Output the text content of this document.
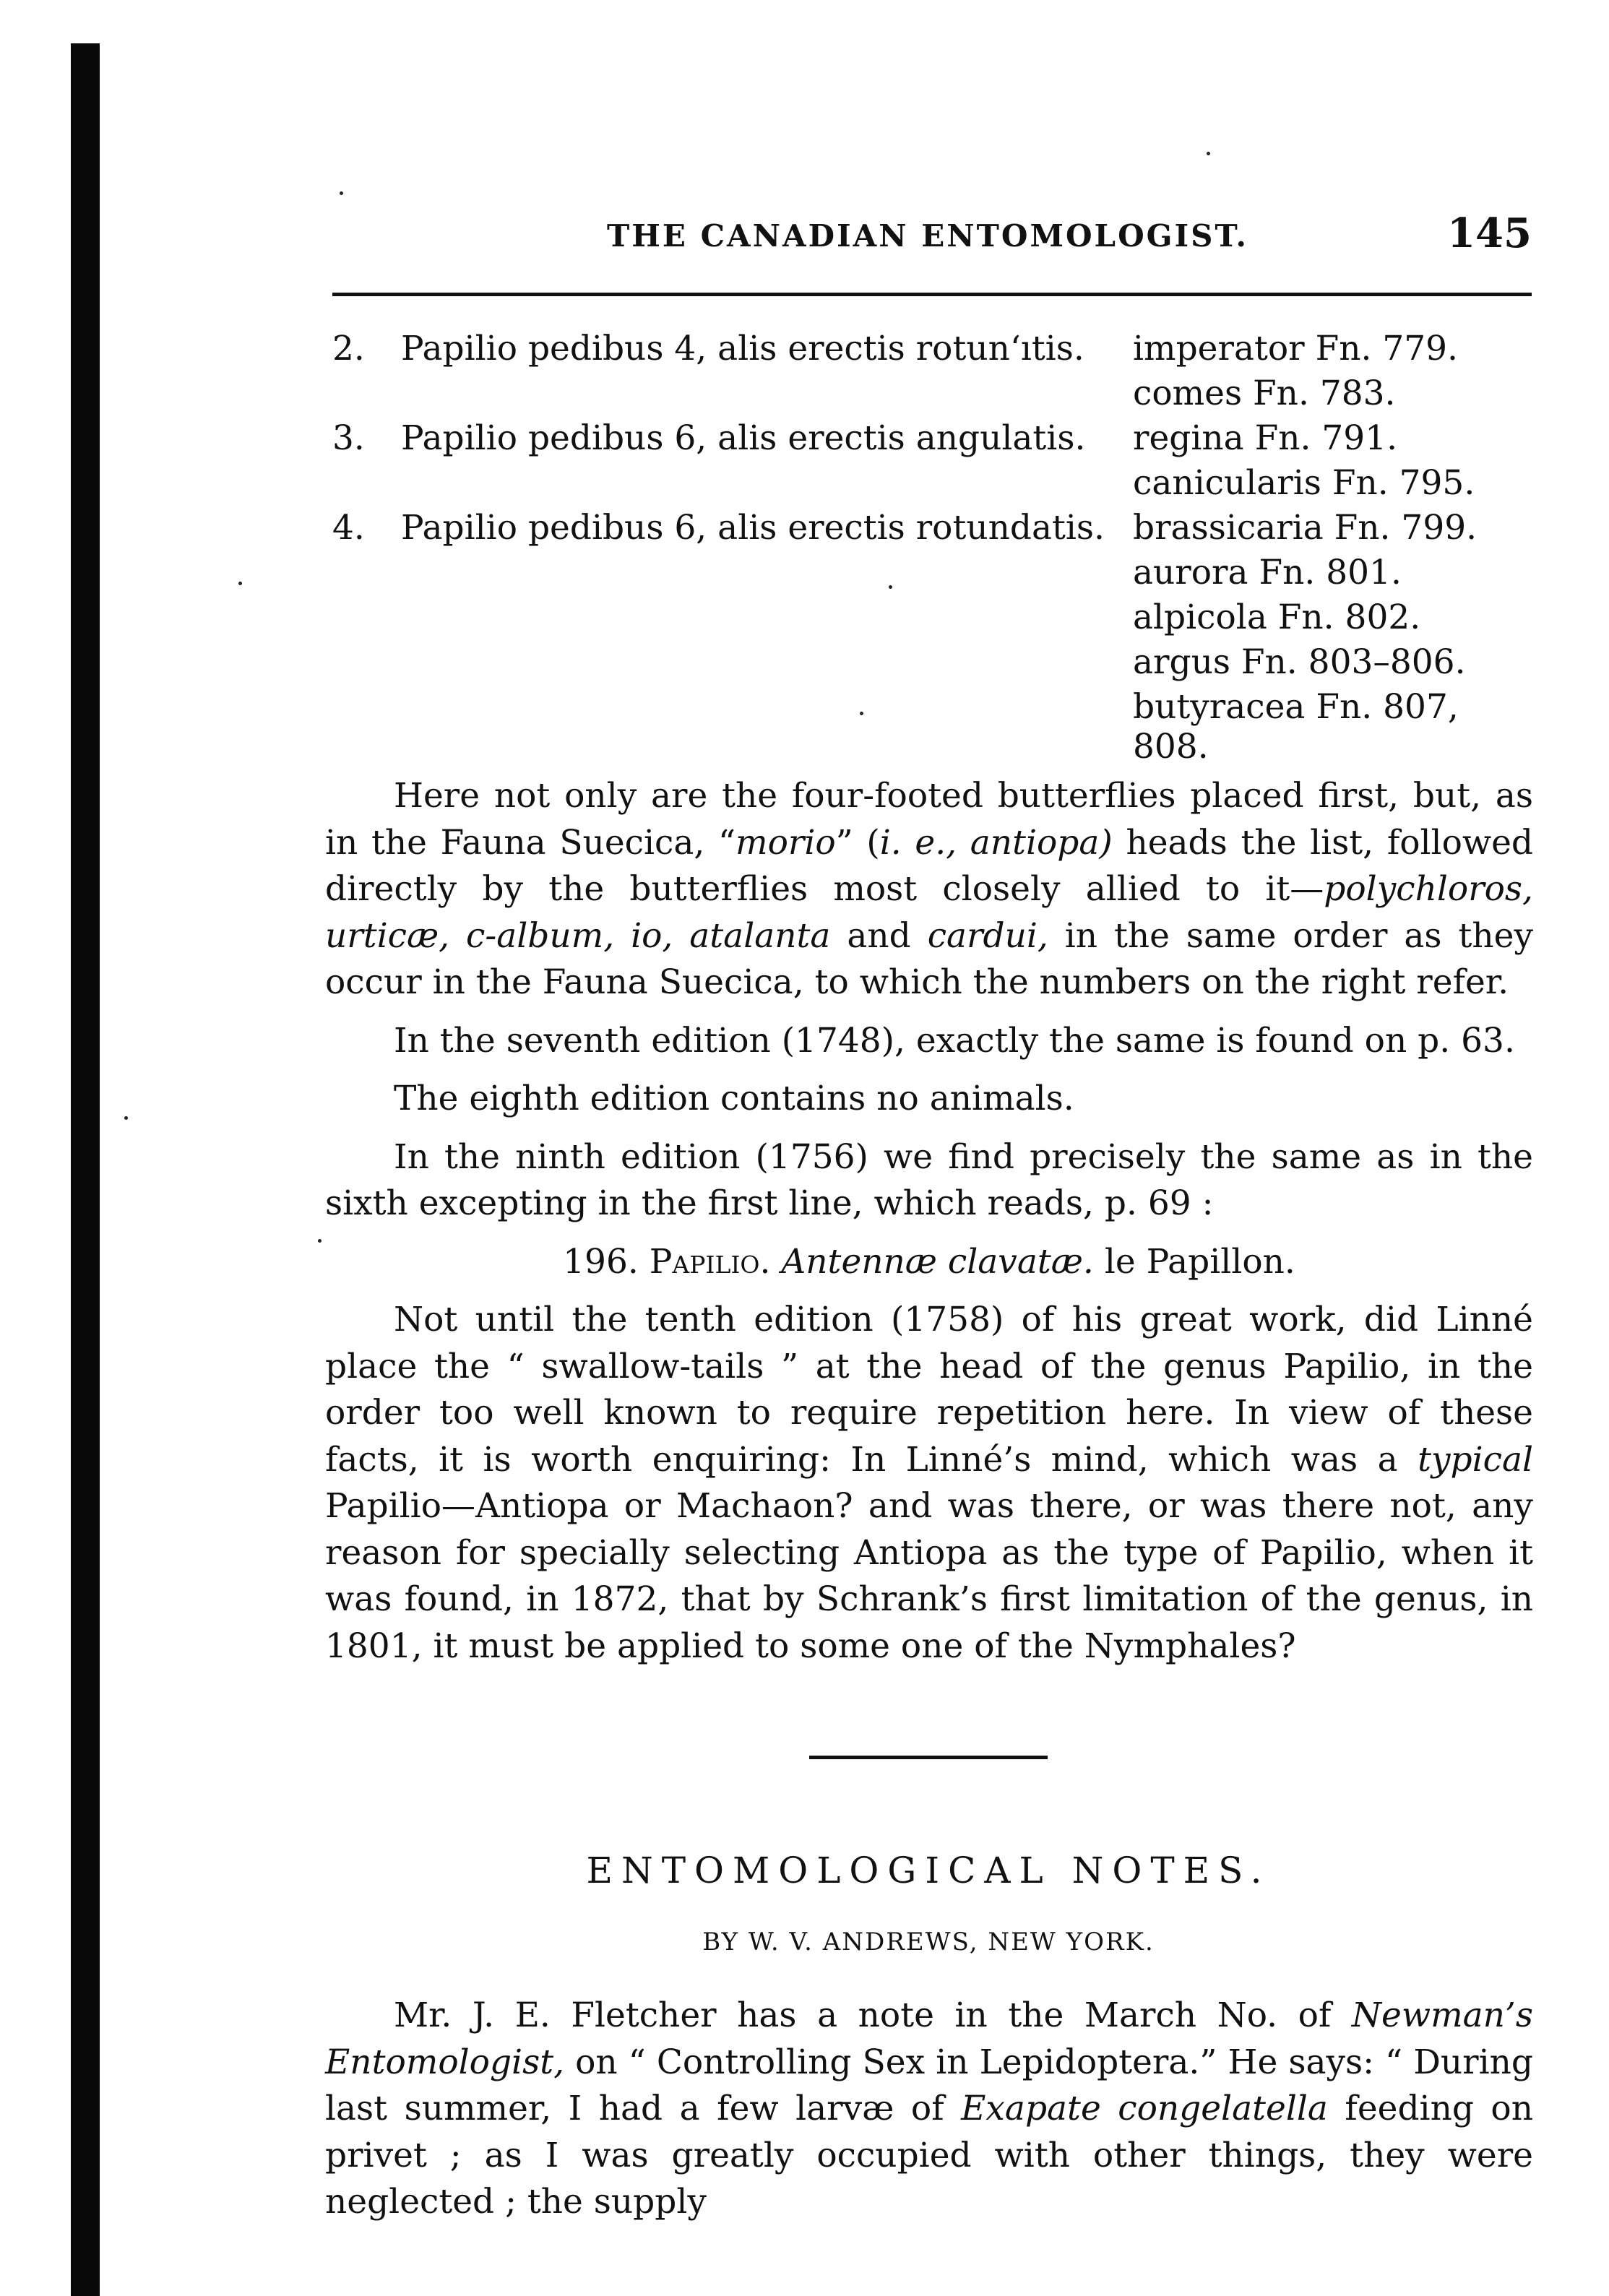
THE CANADIAN ENTOMOLOGIST.	145
2. Papilio pedibus 4, alis erectis rotun‘ıtis. imperator Fn. 779.
comes Fn. 783.
3. Papilio pedibus 6, alis erectis angulatis. regina Fn. 791.
canicularis Fn. 795.
4. Papilio pedibus 6, alis erectis rotundatis. brassicaria Fn. 799.
aurora Fn. 801.
alpicola Fn. 802.
argus Fn. 803–806.
butyracea Fn. 807, 808.

Here not only are the four-footed butterflies placed first, but, as in the Fauna Suecica, “morio” (i. e., antiopa) heads the list, followed directly by the butterflies most closely allied to it—polychloros, urticæ, c-album, io, atalanta and cardui, in the same order as they occur in the Fauna Suecica, to which the numbers on the right refer.

In the seventh edition (1748), exactly the same is found on p. 63.

The eighth edition contains no animals.

In the ninth edition (1756) we find precisely the same as in the sixth excepting in the first line, which reads, p. 69 :

196. Papilio. Antennæ clavatæ. le Papillon.

Not until the tenth edition (1758) of his great work, did Linné place the “ swallow-tails ” at the head of the genus Papilio, in the order too well known to require repetition here. In view of these facts, it is worth enquiring: In Linné’s mind, which was a typical Papilio—Antiopa or Machaon? and was there, or was there not, any reason for specially selecting Antiopa as the type of Papilio, when it was found, in 1872, that by Schrank’s first limitation of the genus, in 1801, it must be applied to some one of the Nymphales?

ENTOMOLOGICAL NOTES.
BY W. V. ANDREWS, NEW YORK.

Mr. J. E. Fletcher has a note in the March No. of Newman’s Entomologist, on “ Controlling Sex in Lepidoptera.” He says: “ During last summer, I had a few larvæ of Exapate congelatella feeding on privet ; as I was greatly occupied with other things, they were neglected ; the supply
